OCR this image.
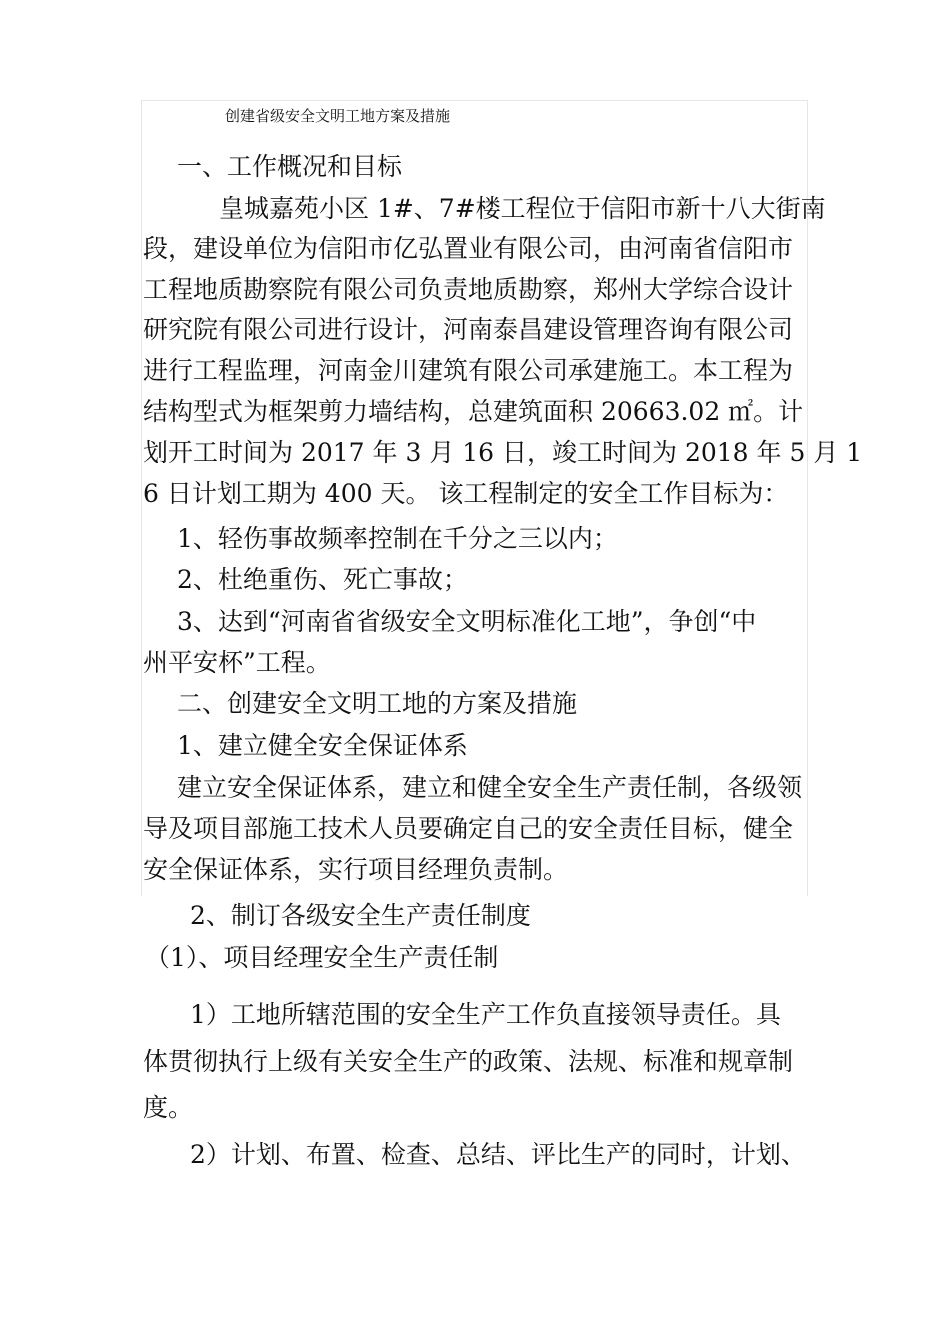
创建省级安全文明工地方案及措施
一、工作概况和目标
皇城嘉苑小区 1#、7#楼工程位于信阳市新十八大街南
段，建设单位为信阳市亿弘置业有限公司，由河南省信阳市
工程地质勘察院有限公司负责地质勘察，郑州大学综合设计
研究院有限公司进行设计，河南泰昌建设管理咨询有限公司
进行工程监理，河南金川建筑有限公司承建施工。本工程为
结构型式为框架剪力墙结构，总建筑面积 20663.02 ㎡。计
划开工时间为 2017 年 3 月 16 日，竣工时间为 2018 年 5 月 1
6 日计划工期为 400 天。 该工程制定的安全工作目标为：
1、轻伤事故频率控制在千分之三以内；
2、杜绝重伤、死亡事故；
3、达到“河南省省级安全文明标准化工地”，争创“中
州平安杯”工程。
二、创建安全文明工地的方案及措施
1、建立健全安全保证体系
建立安全保证体系，建立和健全安全生产责任制，各级领
导及项目部施工技术人员要确定自己的安全责任目标，健全
安全保证体系，实行项目经理负责制。
2、制订各级安全生产责任制度
（1）、项目经理安全生产责任制
1）工地所辖范围的安全生产工作负直接领导责任。具
体贯彻执行上级有关安全生产的政策、法规、标准和规章制
度。
2）计划、布置、检查、总结、评比生产的同时，计划、
